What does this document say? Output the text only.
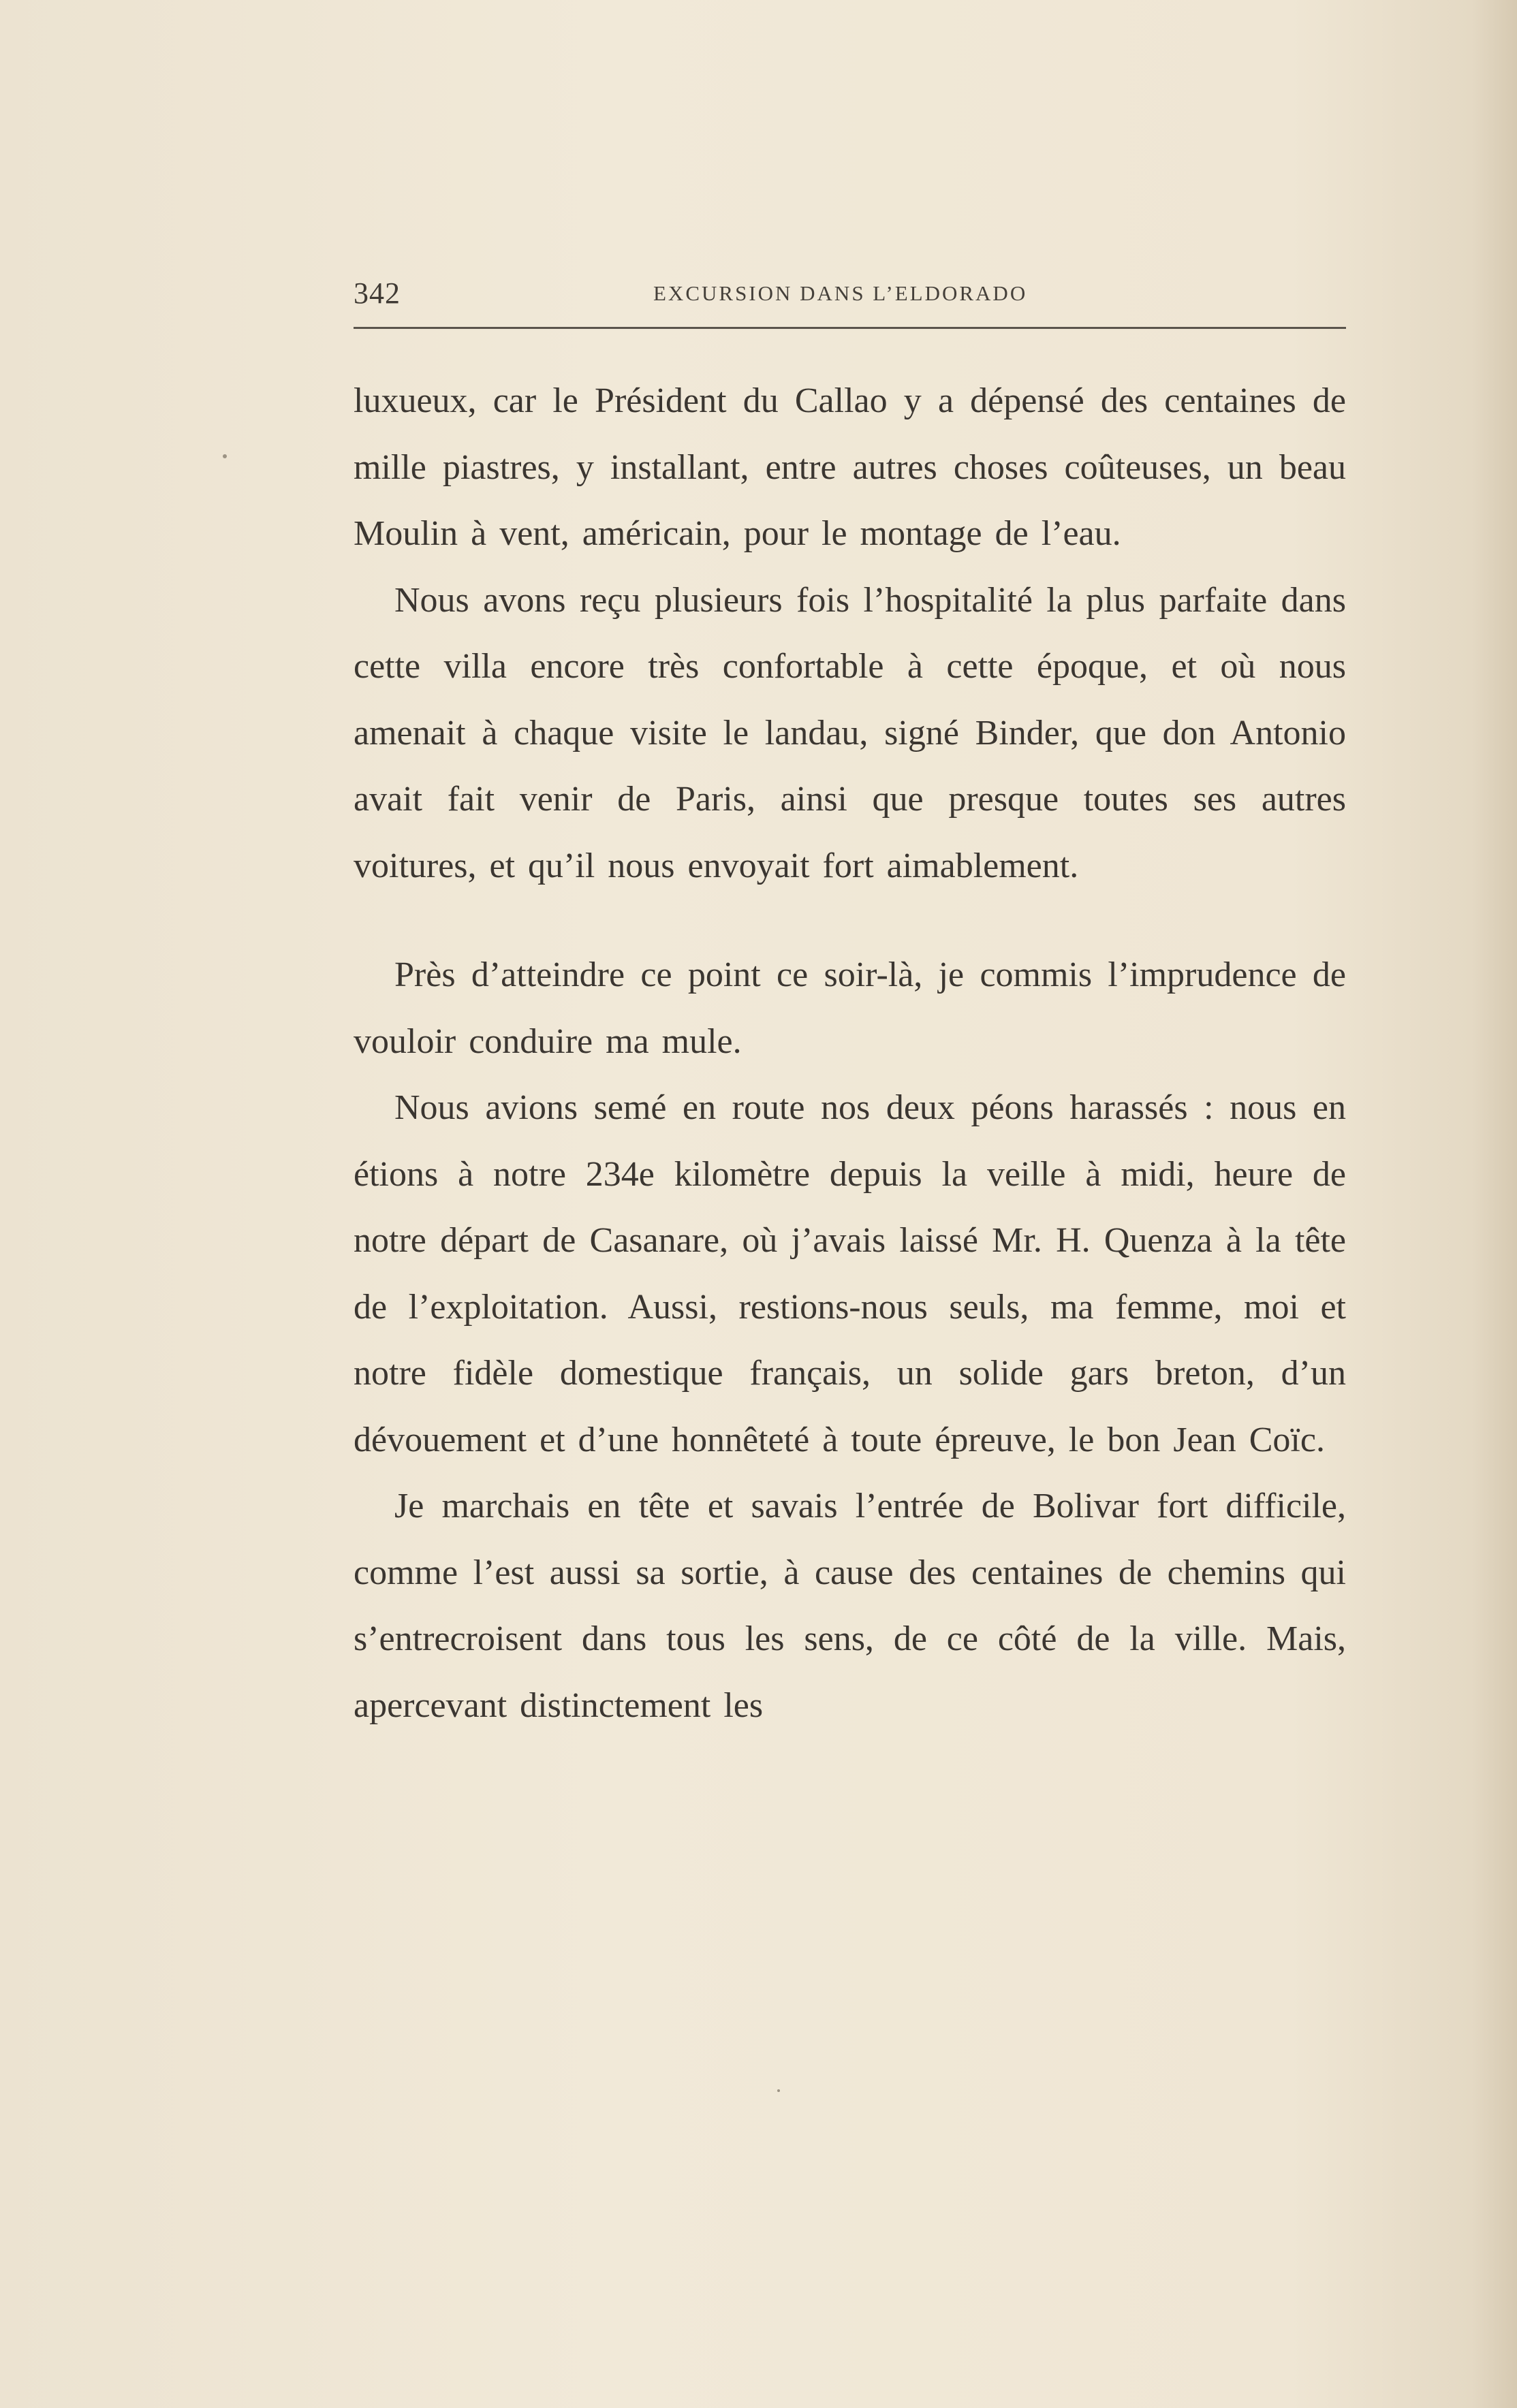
342	EXCURSION DANS L’ELDORADO

luxueux, car le Président du Callao y a dépensé des centaines de mille piastres, y installant, entre autres choses coûteuses, un beau Moulin à vent, américain, pour le montage de l’eau.

Nous avons reçu plusieurs fois l’hospitalité la plus parfaite dans cette villa encore très confortable à cette époque, et où nous amenait à chaque visite le landau, signé Binder, que don Antonio avait fait venir de Paris, ainsi que presque toutes ses autres voitures, et qu’il nous envoyait fort aimablement.

Près d’atteindre ce point ce soir-là, je commis l’imprudence de vouloir conduire ma mule.

Nous avions semé en route nos deux péons harassés : nous en étions à notre 234e kilomètre depuis la veille à midi, heure de notre départ de Casanare, où j’avais laissé Mr. H. Quenza à la tête de l’exploitation. Aussi, restions-nous seuls, ma femme, moi et notre fidèle domestique français, un solide gars breton, d’un dévouement et d’une honnêteté à toute épreuve, le bon Jean Coïc.

Je marchais en tête et savais l’entrée de Bolivar fort difficile, comme l’est aussi sa sortie, à cause des centaines de chemins qui s’entrecroisent dans tous les sens, de ce côté de la ville. Mais, apercevant distinctement les
